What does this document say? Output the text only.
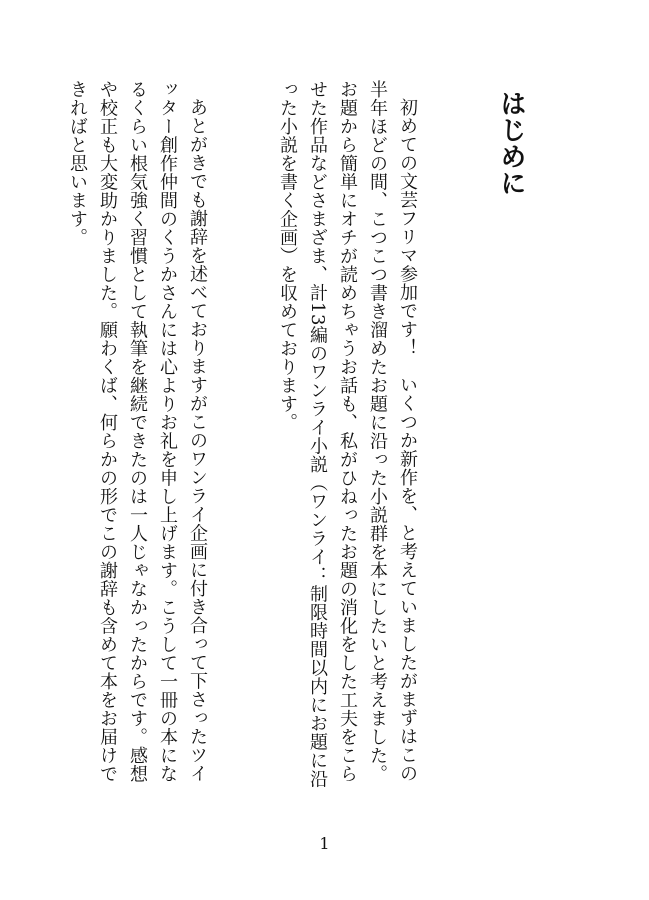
はじめに

初めての文芸フリマ参加です！　いくつか新作を、と考えていましたがまずはこの半年ほどの間、こつこつ書き溜めたお題に沿った小説群を本にしたいと考えました。お題から簡単にオチが読めちゃうお話も、私がひねったお題の消化をした工夫をこらせた作品などさまざま、計13編のワンライ小説（ワンライ：制限時間以内にお題に沿った小説を書く企画）を収めております。

あとがきでも謝辞を述べておりますがこのワンライ企画に付き合って下さったツイッター創作仲間のくうかさんには心よりお礼を申し上げます。こうして一冊の本になるくらい根気強く習慣として執筆を継続できたのは一人じゃなかったからです。感想や校正も大変助かりました。願わくば、何らかの形でこの謝辞も含めて本をお届けできればと思います。

1
